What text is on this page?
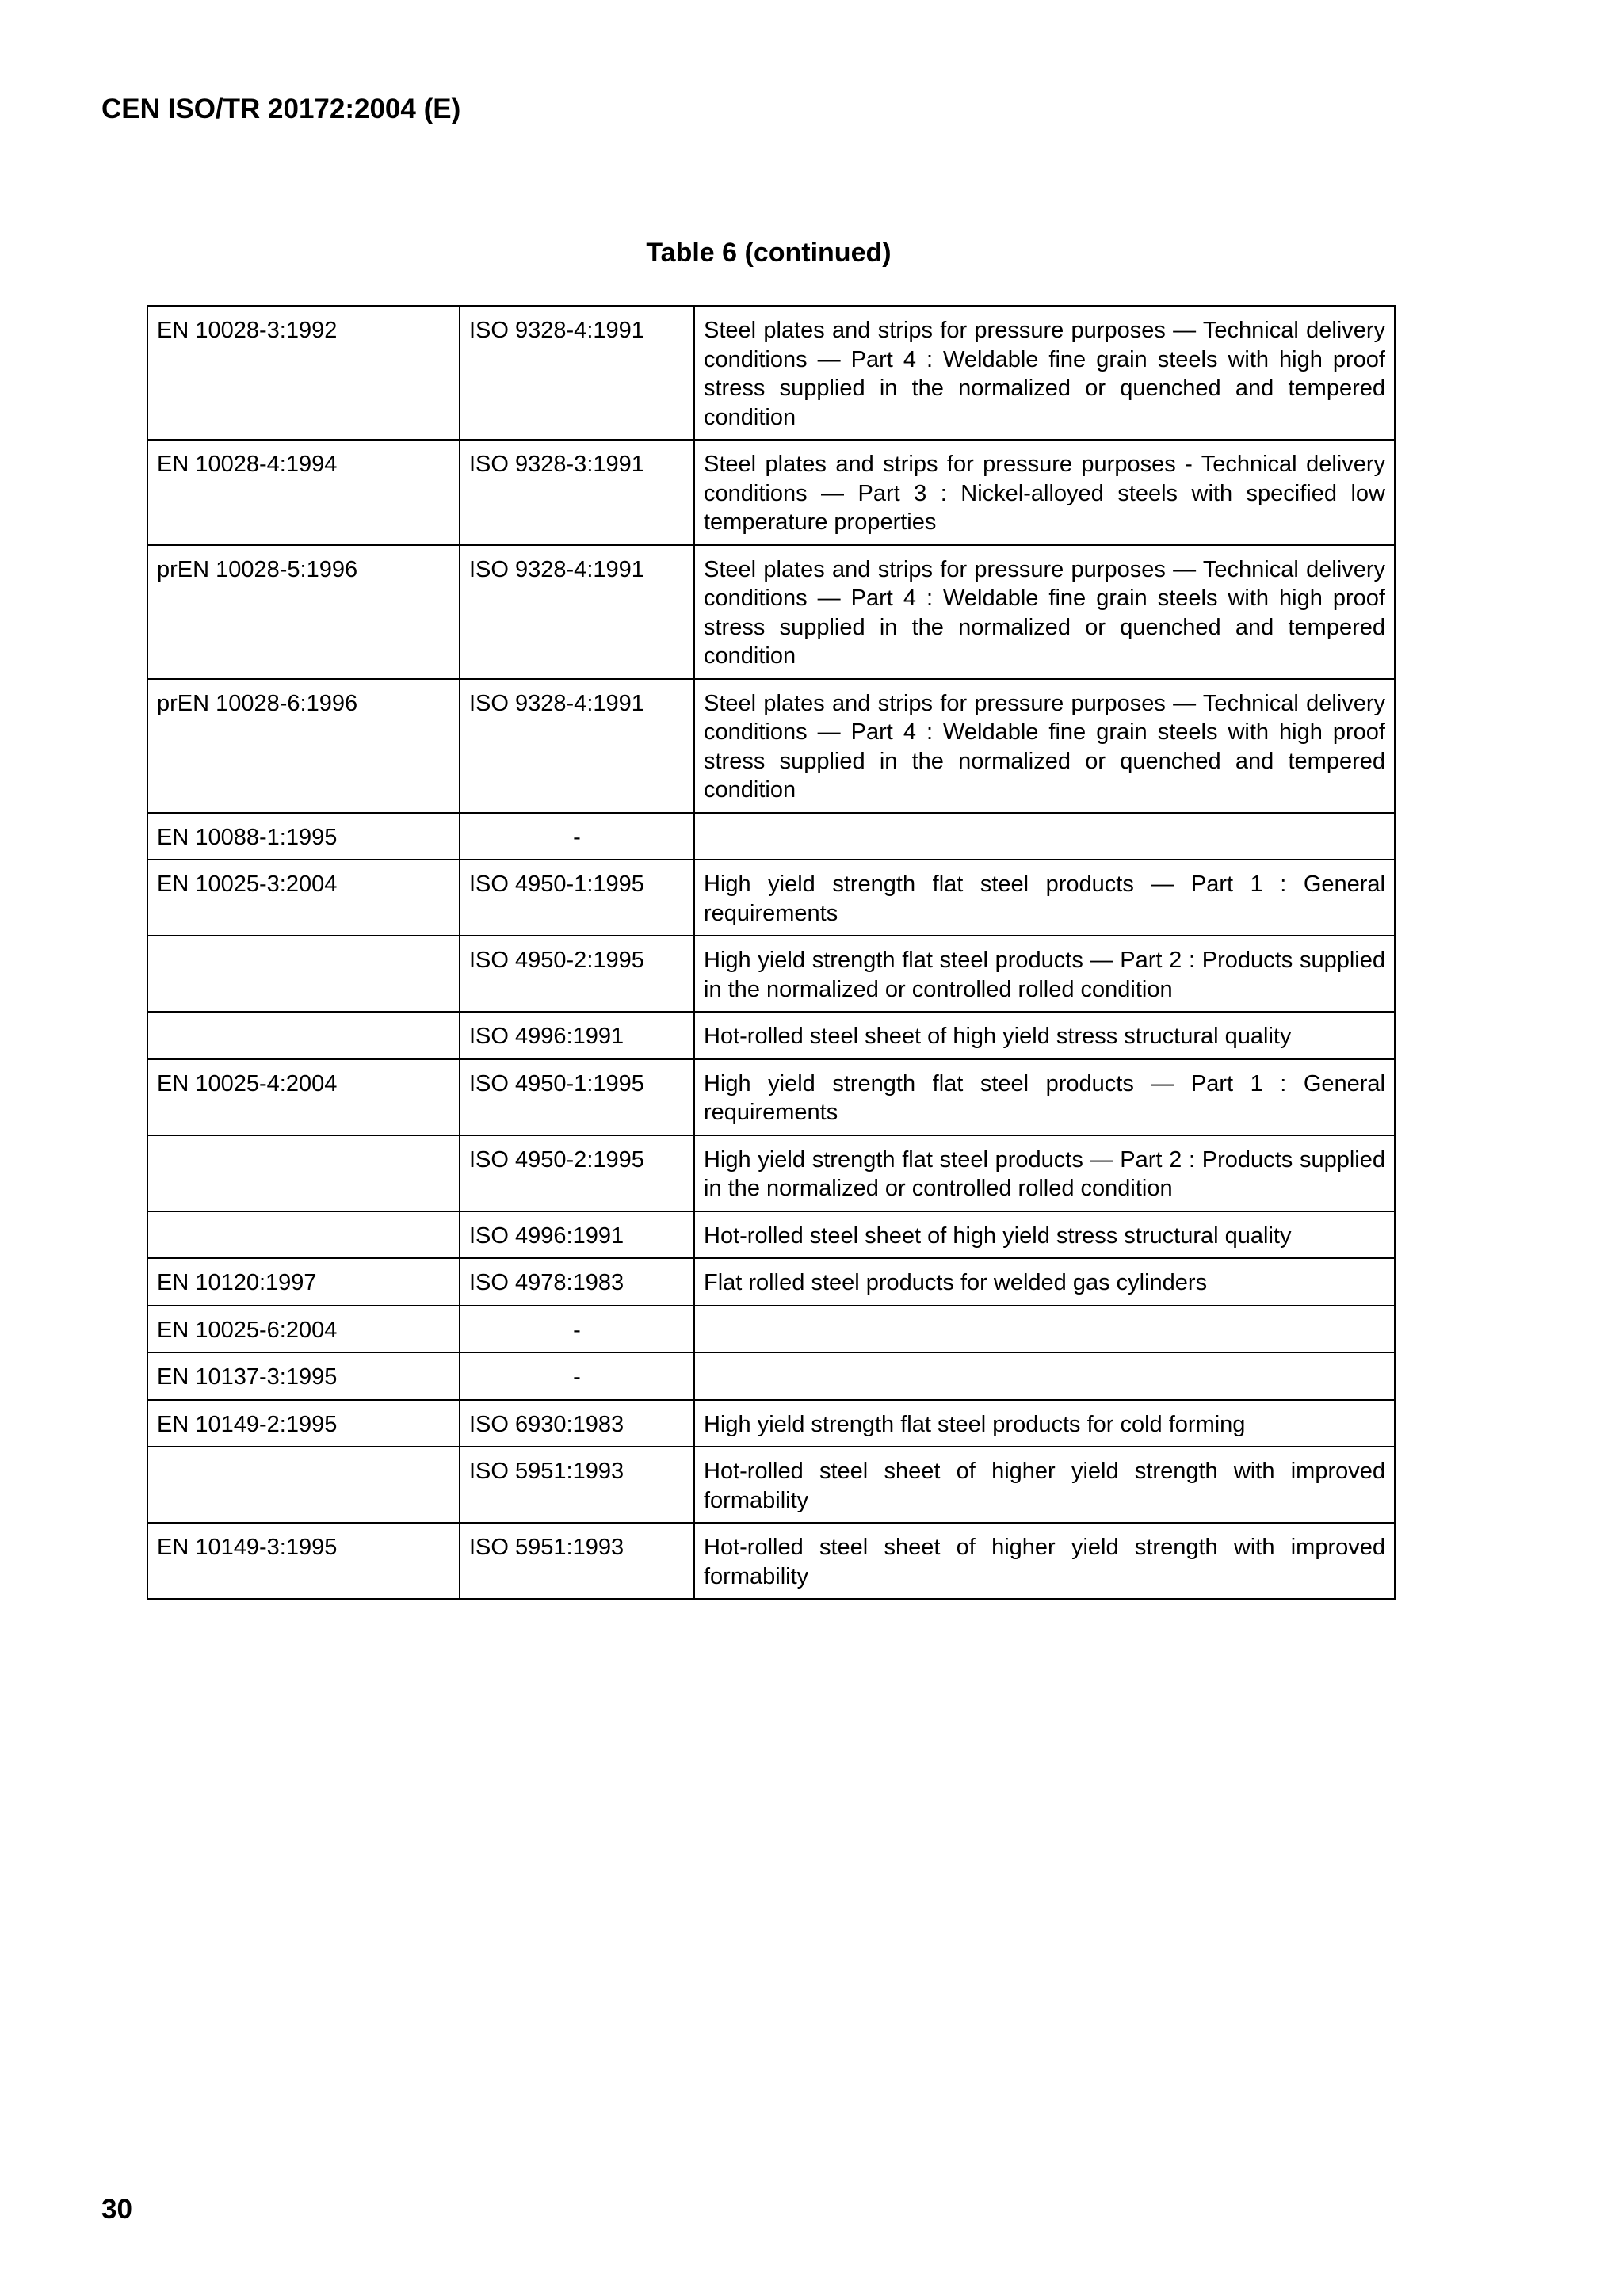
CEN ISO/TR 20172:2004 (E)
Table 6 (continued)
EN 10028-3:1992	ISO 9328-4:1991	Steel plates and strips for pressure purposes — Technical delivery conditions — Part 4 : Weldable fine grain steels with high proof stress supplied in the normalized or quenched and tempered condition
EN 10028-4:1994	ISO 9328-3:1991	Steel plates and strips for pressure purposes - Technical delivery conditions — Part 3 : Nickel-alloyed steels with specified low temperature properties
prEN 10028-5:1996	ISO 9328-4:1991	Steel plates and strips for pressure purposes — Technical delivery conditions — Part 4 : Weldable fine grain steels with high proof stress supplied in the normalized or quenched and tempered condition
prEN 10028-6:1996	ISO 9328-4:1991	Steel plates and strips for pressure purposes — Technical delivery conditions — Part 4 : Weldable fine grain steels with high proof stress supplied in the normalized or quenched and tempered condition
EN 10088-1:1995	-	
EN 10025-3:2004	ISO 4950-1:1995	High yield strength flat steel products — Part 1 : General requirements
	ISO 4950-2:1995	High yield strength flat steel products — Part 2 : Products supplied in the normalized or controlled rolled condition
	ISO 4996:1991	Hot-rolled steel sheet of high yield stress structural quality
EN 10025-4:2004	ISO 4950-1:1995	High yield strength flat steel products — Part 1 : General requirements
	ISO 4950-2:1995	High yield strength flat steel products — Part 2 : Products supplied in the normalized or controlled rolled condition
	ISO 4996:1991	Hot-rolled steel sheet of high yield stress structural quality
EN 10120:1997	ISO 4978:1983	Flat rolled steel products for welded gas cylinders
EN 10025-6:2004	-	
EN 10137-3:1995	-	
EN 10149-2:1995	ISO 6930:1983	High yield strength flat steel products for cold forming
	ISO 5951:1993	Hot-rolled steel sheet of higher yield strength with improved formability
EN 10149-3:1995	ISO 5951:1993	Hot-rolled steel sheet of higher yield strength with improved formability
30
